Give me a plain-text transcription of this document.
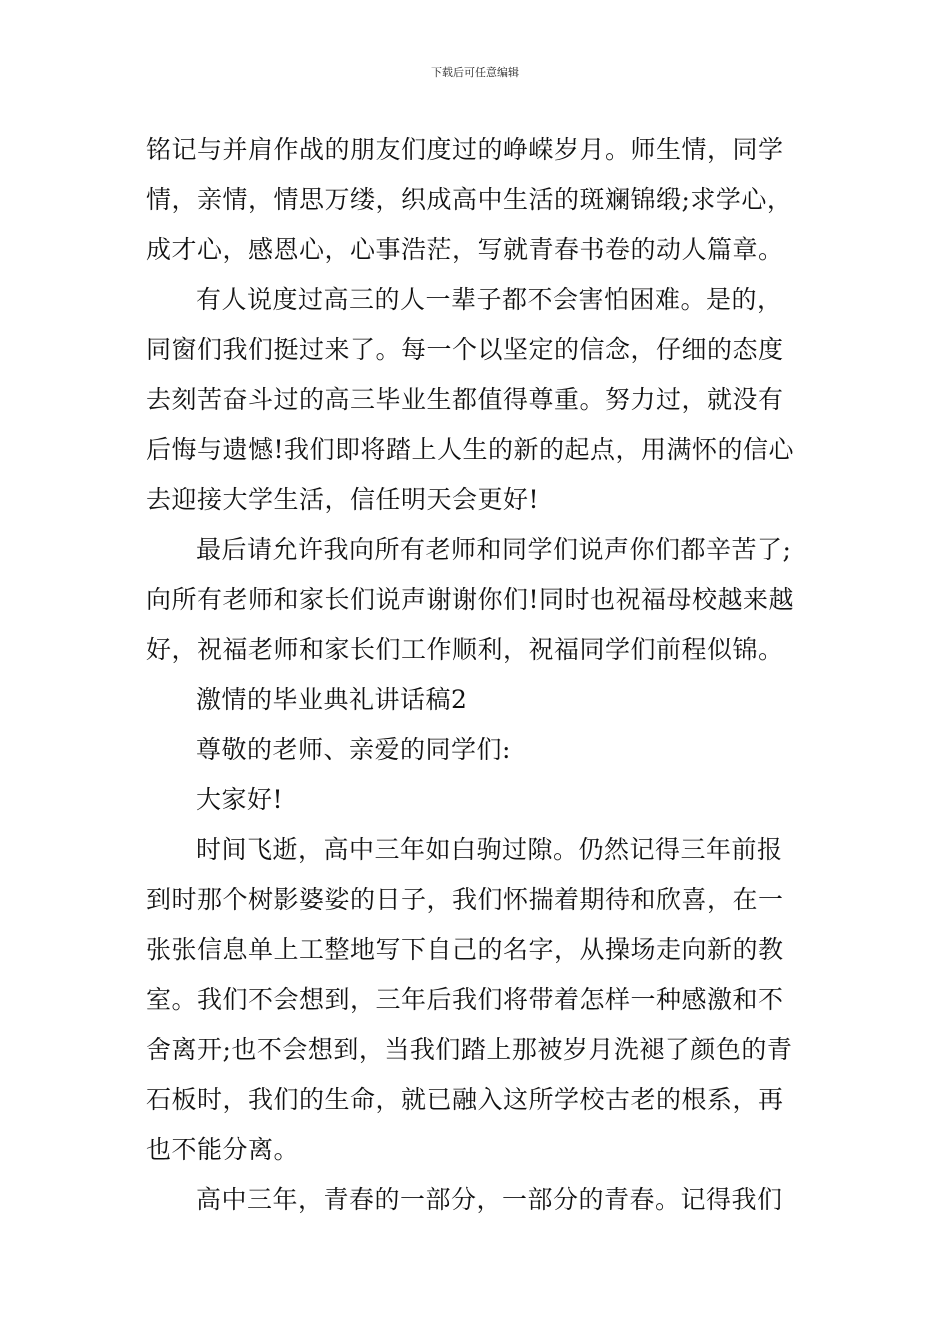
下载后可任意编辑
铭记与并肩作战的朋友们度过的峥嵘岁月。师生情，同学
情，亲情，情思万缕，织成高中生活的斑斓锦缎;求学心，
成才心，感恩心，心事浩茫，写就青春书卷的动人篇章。
有人说度过高三的人一辈子都不会害怕困难。是的，
同窗们我们挺过来了。每一个以坚定的信念，仔细的态度
去刻苦奋斗过的高三毕业生都值得尊重。努力过，就没有
后悔与遗憾!我们即将踏上人生的新的起点，用满怀的信心
去迎接大学生活，信任明天会更好!
最后请允许我向所有老师和同学们说声你们都辛苦了;
向所有老师和家长们说声谢谢你们!同时也祝福母校越来越
好，祝福老师和家长们工作顺利，祝福同学们前程似锦。
激情的毕业典礼讲话稿2
尊敬的老师、亲爱的同学们:
大家好!
时间飞逝，高中三年如白驹过隙。仍然记得三年前报
到时那个树影婆娑的日子，我们怀揣着期待和欣喜，在一
张张信息单上工整地写下自己的名字，从操场走向新的教
室。我们不会想到，三年后我们将带着怎样一种感激和不
舍离开;也不会想到，当我们踏上那被岁月洗褪了颜色的青
石板时，我们的生命，就已融入这所学校古老的根系，再
也不能分离。
高中三年，青春的一部分，一部分的青春。记得我们
